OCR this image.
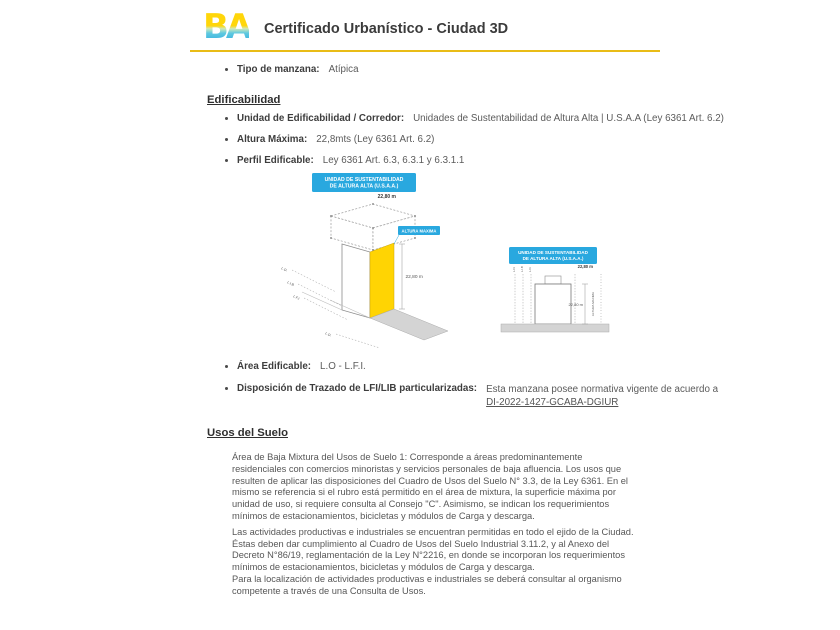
BA Certificado Urbanístico - Ciudad 3D
Tipo de manzana: Atípica
Edificabilidad
Unidad de Edificabilidad / Corredor: Unidades de Sustentabilidad de Altura Alta | U.S.A.A (Ley 6361 Art. 6.2)
Altura Máxima: 22,8mts (Ley 6361 Art. 6.2)
Perfil Edificable: Ley 6361 Art. 6.3, 6.3.1 y 6.3.1.1
UNIDAD DE SUSTENTABILIDAD
DE ALTURA ALTA (U.S.A.A.)
22,80 m
ALTURA MAXIMA
22,80 m
L.O.
L.I.B
L.F.I
L.O.
UNIDAD DE SUSTENTABILIDAD
DE ALTURA ALTA (U.S.A.A.)
22,80 m
L.F.I L.I.B L.O.
22,80 m	ALTURA MAXIMA
Área Edificable: L.O - L.F.I.
Disposición de Trazado de LFI/LIB particularizadas: Esta manzana posee normativa vigente de acuerdo a
DI-2022-1427-GCABA-DGIUR
Usos del Suelo

Área de Baja Mixtura del Usos de Suelo 1: Corresponde a áreas predominantemente residenciales con comercios minoristas y servicios personales de baja afluencia. Los usos que resulten de aplicar las disposiciones del Cuadro de Usos del Suelo N° 3.3, de la Ley 6361. En el mismo se referencia si el rubro está permitido en el área de mixtura, la superficie máxima por unidad de uso, si requiere consulta al Consejo "C". Asimismo, se indican los requerimientos mínimos de estacionamientos, bicicletas y módulos de Carga y descarga.

Las actividades productivas e industriales se encuentran permitidas en todo el ejido de la Ciudad. Éstas deben dar cumplimiento al Cuadro de Usos del Suelo Industrial 3.11.2, y al Anexo del Decreto N°86/19, reglamentación de la Ley N°2216, en donde se incorporan los requerimientos mínimos de estacionamientos, bicicletas y módulos de Carga y descarga.

Para la localización de actividades productivas e industriales se deberá consultar al organismo competente a través de una Consulta de Usos.
